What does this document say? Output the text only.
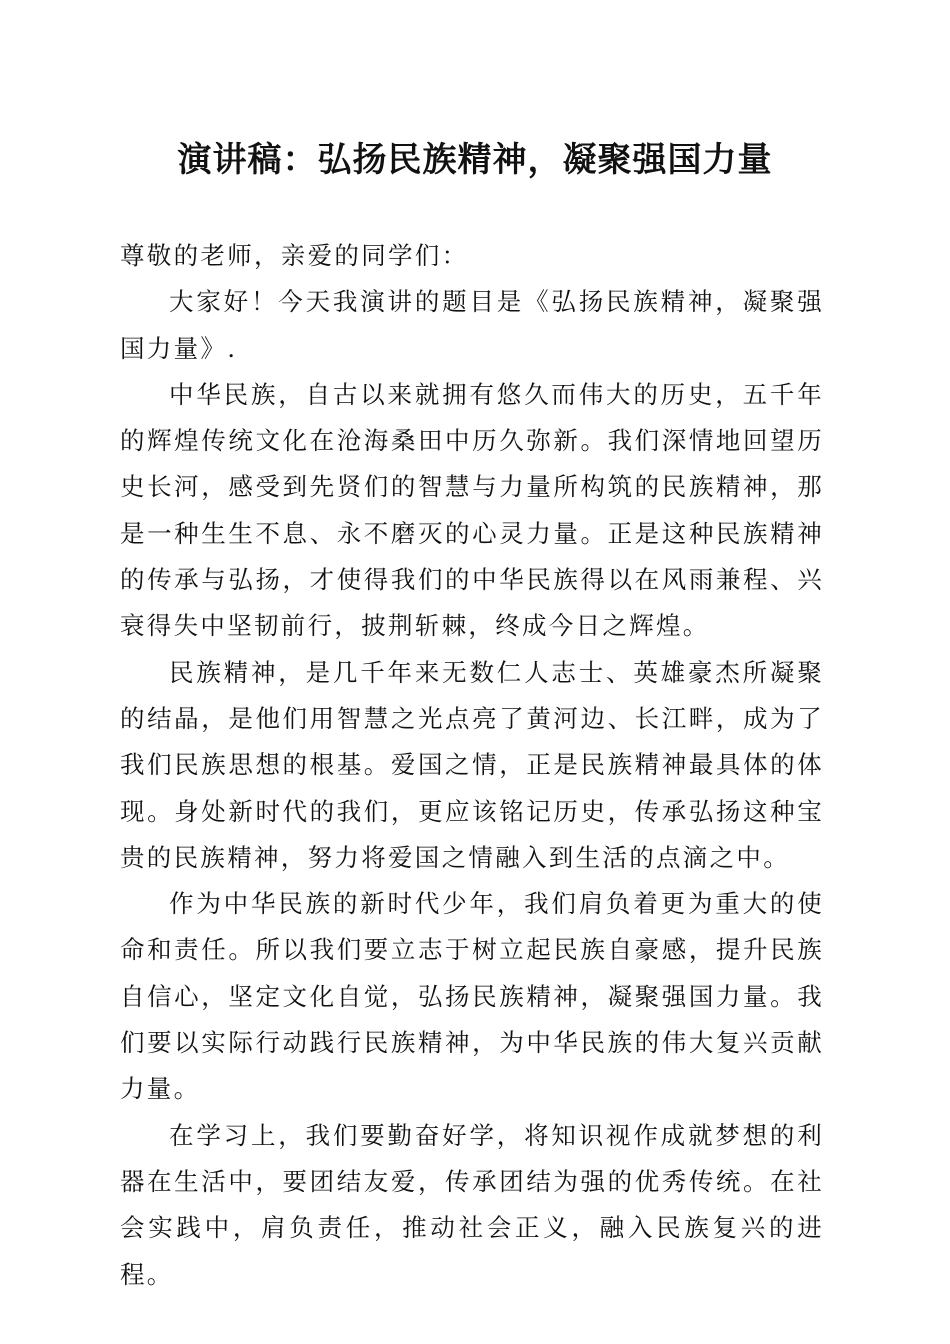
演讲稿：弘扬民族精神，凝聚强国力量

尊敬的老师，亲爱的同学们：

大家好！今天我演讲的题目是《弘扬民族精神，凝聚强国力量》.

中华民族，自古以来就拥有悠久而伟大的历史，五千年的辉煌传统文化在沧海桑田中历久弥新。我们深情地回望历史长河，感受到先贤们的智慧与力量所构筑的民族精神，那是一种生生不息、永不磨灭的心灵力量。正是这种民族精神的传承与弘扬，才使得我们的中华民族得以在风雨兼程、兴衰得失中坚韧前行，披荆斩棘，终成今日之辉煌。

民族精神，是几千年来无数仁人志士、英雄豪杰所凝聚的结晶，是他们用智慧之光点亮了黄河边、长江畔，成为了我们民族思想的根基。爱国之情，正是民族精神最具体的体现。身处新时代的我们，更应该铭记历史，传承弘扬这种宝贵的民族精神，努力将爱国之情融入到生活的点滴之中。

作为中华民族的新时代少年，我们肩负着更为重大的使命和责任。所以我们要立志于树立起民族自豪感，提升民族自信心，坚定文化自觉，弘扬民族精神，凝聚强国力量。我们要以实际行动践行民族精神，为中华民族的伟大复兴贡献力量。

在学习上，我们要勤奋好学，将知识视作成就梦想的利器在生活中，要团结友爱，传承团结为强的优秀传统。在社会实践中，肩负责任，推动社会正义，融入民族复兴的进程。
